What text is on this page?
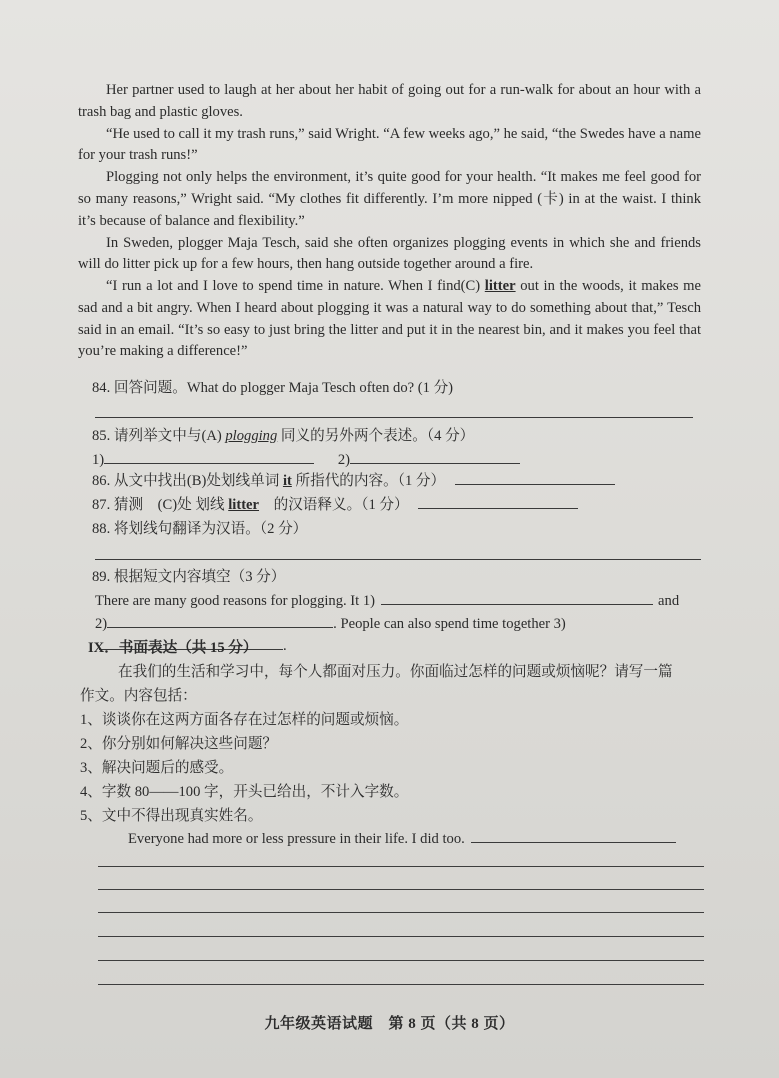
Her partner used to laugh at her about her habit of going out for a run-walk for about an hour with a trash bag and plastic gloves.

“He used to call it my trash runs,” said Wright. “A few weeks ago,” he said, “the Swedes have a name for your trash runs!”

Plogging not only helps the environment, it’s quite good for your health. “It makes me feel good for so many reasons,” Wright said. “My clothes fit differently. I’m more nipped (卡) in at the waist. I think it’s because of balance and flexibility.”

In Sweden, plogger Maja Tesch, said she often organizes plogging events in which she and friends will do litter pick up for a few hours, then hang outside together around a fire.

“I run a lot and I love to spend time in nature. When I find(C) litter out in the woods, it makes me sad and a bit angry. When I heard about plogging it was a natural way to do something about that,” Tesch said in an email. “It’s so easy to just bring the litter and put it in the nearest bin, and it makes you feel that you’re making a difference!”

84. 回答问题。What do plogger Maja Tesch often do? (1 分)
85. 请列举文中与(A) plogging 同义的另外两个表述。（4 分）
1)	2)
86. 从文中找出(B)处划线单词 it 所指代的内容。（1 分）
87. 猜测　(C)处 划线 litter　的汉语释义。（1 分）
88. 将划线句翻译为汉语。（2 分）
89. 根据短文内容填空（3 分）
There are many good reasons for plogging. It 1)	and
2)	. People can also spend time together 3).
IX．书面表达（共 15 分）
在我们的生活和学习中，每个人都面对压力。你面临过怎样的问题或烦恼呢？请写一篇
作文。内容包括：
1、谈谈你在这两方面各存在过怎样的问题或烦恼。
2、你分别如何解决这些问题？
3、解决问题后的感受。
4、字数 80——100 字，开头已给出，不计入字数。
5、文中不得出现真实姓名。
Everyone had more or less pressure in their life. I did too.
九年级英语试题　第 8 页（共 8 页）
